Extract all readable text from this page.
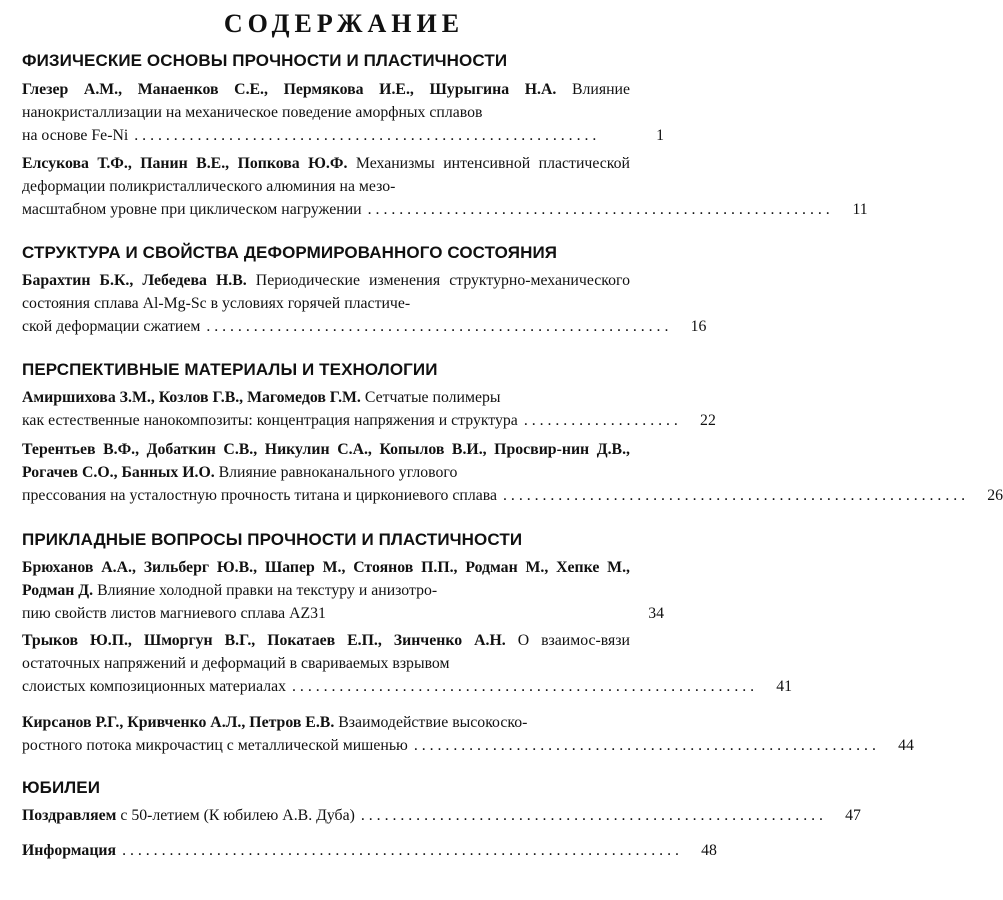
СОДЕРЖАНИЕ
ФИЗИЧЕСКИЕ ОСНОВЫ ПРОЧНОСТИ И ПЛАСТИЧНОСТИ
Глезер А.М., Манаенков С.Е., Пермякова И.Е., Шурыгина Н.А. Влияние нанокристаллизации на механическое поведение аморфных сплавов
на основе Fe-Ni . . . . . . . . . . . . . . . . . . . . . . . . . . . . . . . . . . . . . . . . . . . . . . . . . . . . . . . . . . .	1
Елсукова Т.Ф., Панин В.Е., Попкова Ю.Ф. Механизмы интенсивной пластической деформации поликристаллического алюминия на мезо-
масштабном уровне при циклическом нагружении . . . . . . . . . . . . . . . . . . . . . . . . . . . . . . . . . . . . . . . . . . . . . . . . . . . . . . . . . . .	11
СТРУКТУРА И СВОЙСТВА ДЕФОРМИРОВАННОГО СОСТОЯНИЯ
Барахтин Б.К., Лебедева Н.В. Периодические изменения структурно-механического состояния сплава Al-Mg-Sc в условиях горячей пластиче-
ской деформации сжатием . . . . . . . . . . . . . . . . . . . . . . . . . . . . . . . . . . . . . . . . . . . . . . . . . . . . . . . . . . .	16
ПЕРСПЕКТИВНЫЕ МАТЕРИАЛЫ И ТЕХНОЛОГИИ
Амиршихова З.М., Козлов Г.В., Магомедов Г.М. Сетчатые полимеры
как естественные нанокомпозиты: концентрация напряжения и структура . . . . . . . . . . . . . . . . . . . .	22
Терентьев В.Ф., Добаткин С.В., Никулин С.А., Копылов В.И., Просвир-нин Д.В., Рогачев С.О., Банных И.О. Влияние равноканального углового
прессования на усталостную прочность титана и циркониевого сплава . . . . . . . . . . . . . . . . . . . . . . . . . . . . . . . . . . . . . . . . . . . . . . . . . . . . . . . . . . .	26
ПРИКЛАДНЫЕ ВОПРОСЫ ПРОЧНОСТИ И ПЛАСТИЧНОСТИ
Брюханов А.А., Зильберг Ю.В., Шапер М., Стоянов П.П., Родман М., Хепке М., Родман Д. Влияние холодной правки на текстуру и анизотро-
пию свойств листов магниевого сплава AZ31	34
Трыков Ю.П., Шморгун В.Г., Покатаев Е.П., Зинченко А.Н. О взаимос-вязи остаточных напряжений и деформаций в свариваемых взрывом
слоистых композиционных материалах . . . . . . . . . . . . . . . . . . . . . . . . . . . . . . . . . . . . . . . . . . . . . . . . . . . . . . . . . . .	41
Кирсанов Р.Г., Кривченко А.Л., Петров Е.В. Взаимодействие высокоско-
ростного потока микрочастиц с металлической мишенью . . . . . . . . . . . . . . . . . . . . . . . . . . . . . . . . . . . . . . . . . . . . . . . . . . . . . . . . . . .	44
ЮБИЛЕИ
Поздравляем с 50-летием (К юбилею А.В. Дуба) . . . . . . . . . . . . . . . . . . . . . . . . . . . . . . . . . . . . . . . . . . . . . . . . . . . . . . . . . . .	47
Информация . . . . . . . . . . . . . . . . . . . . . . . . . . . . . . . . . . . . . . . . . . . . . . . . . . . . . . . . . . . . . . . . . . . . . . .	48
